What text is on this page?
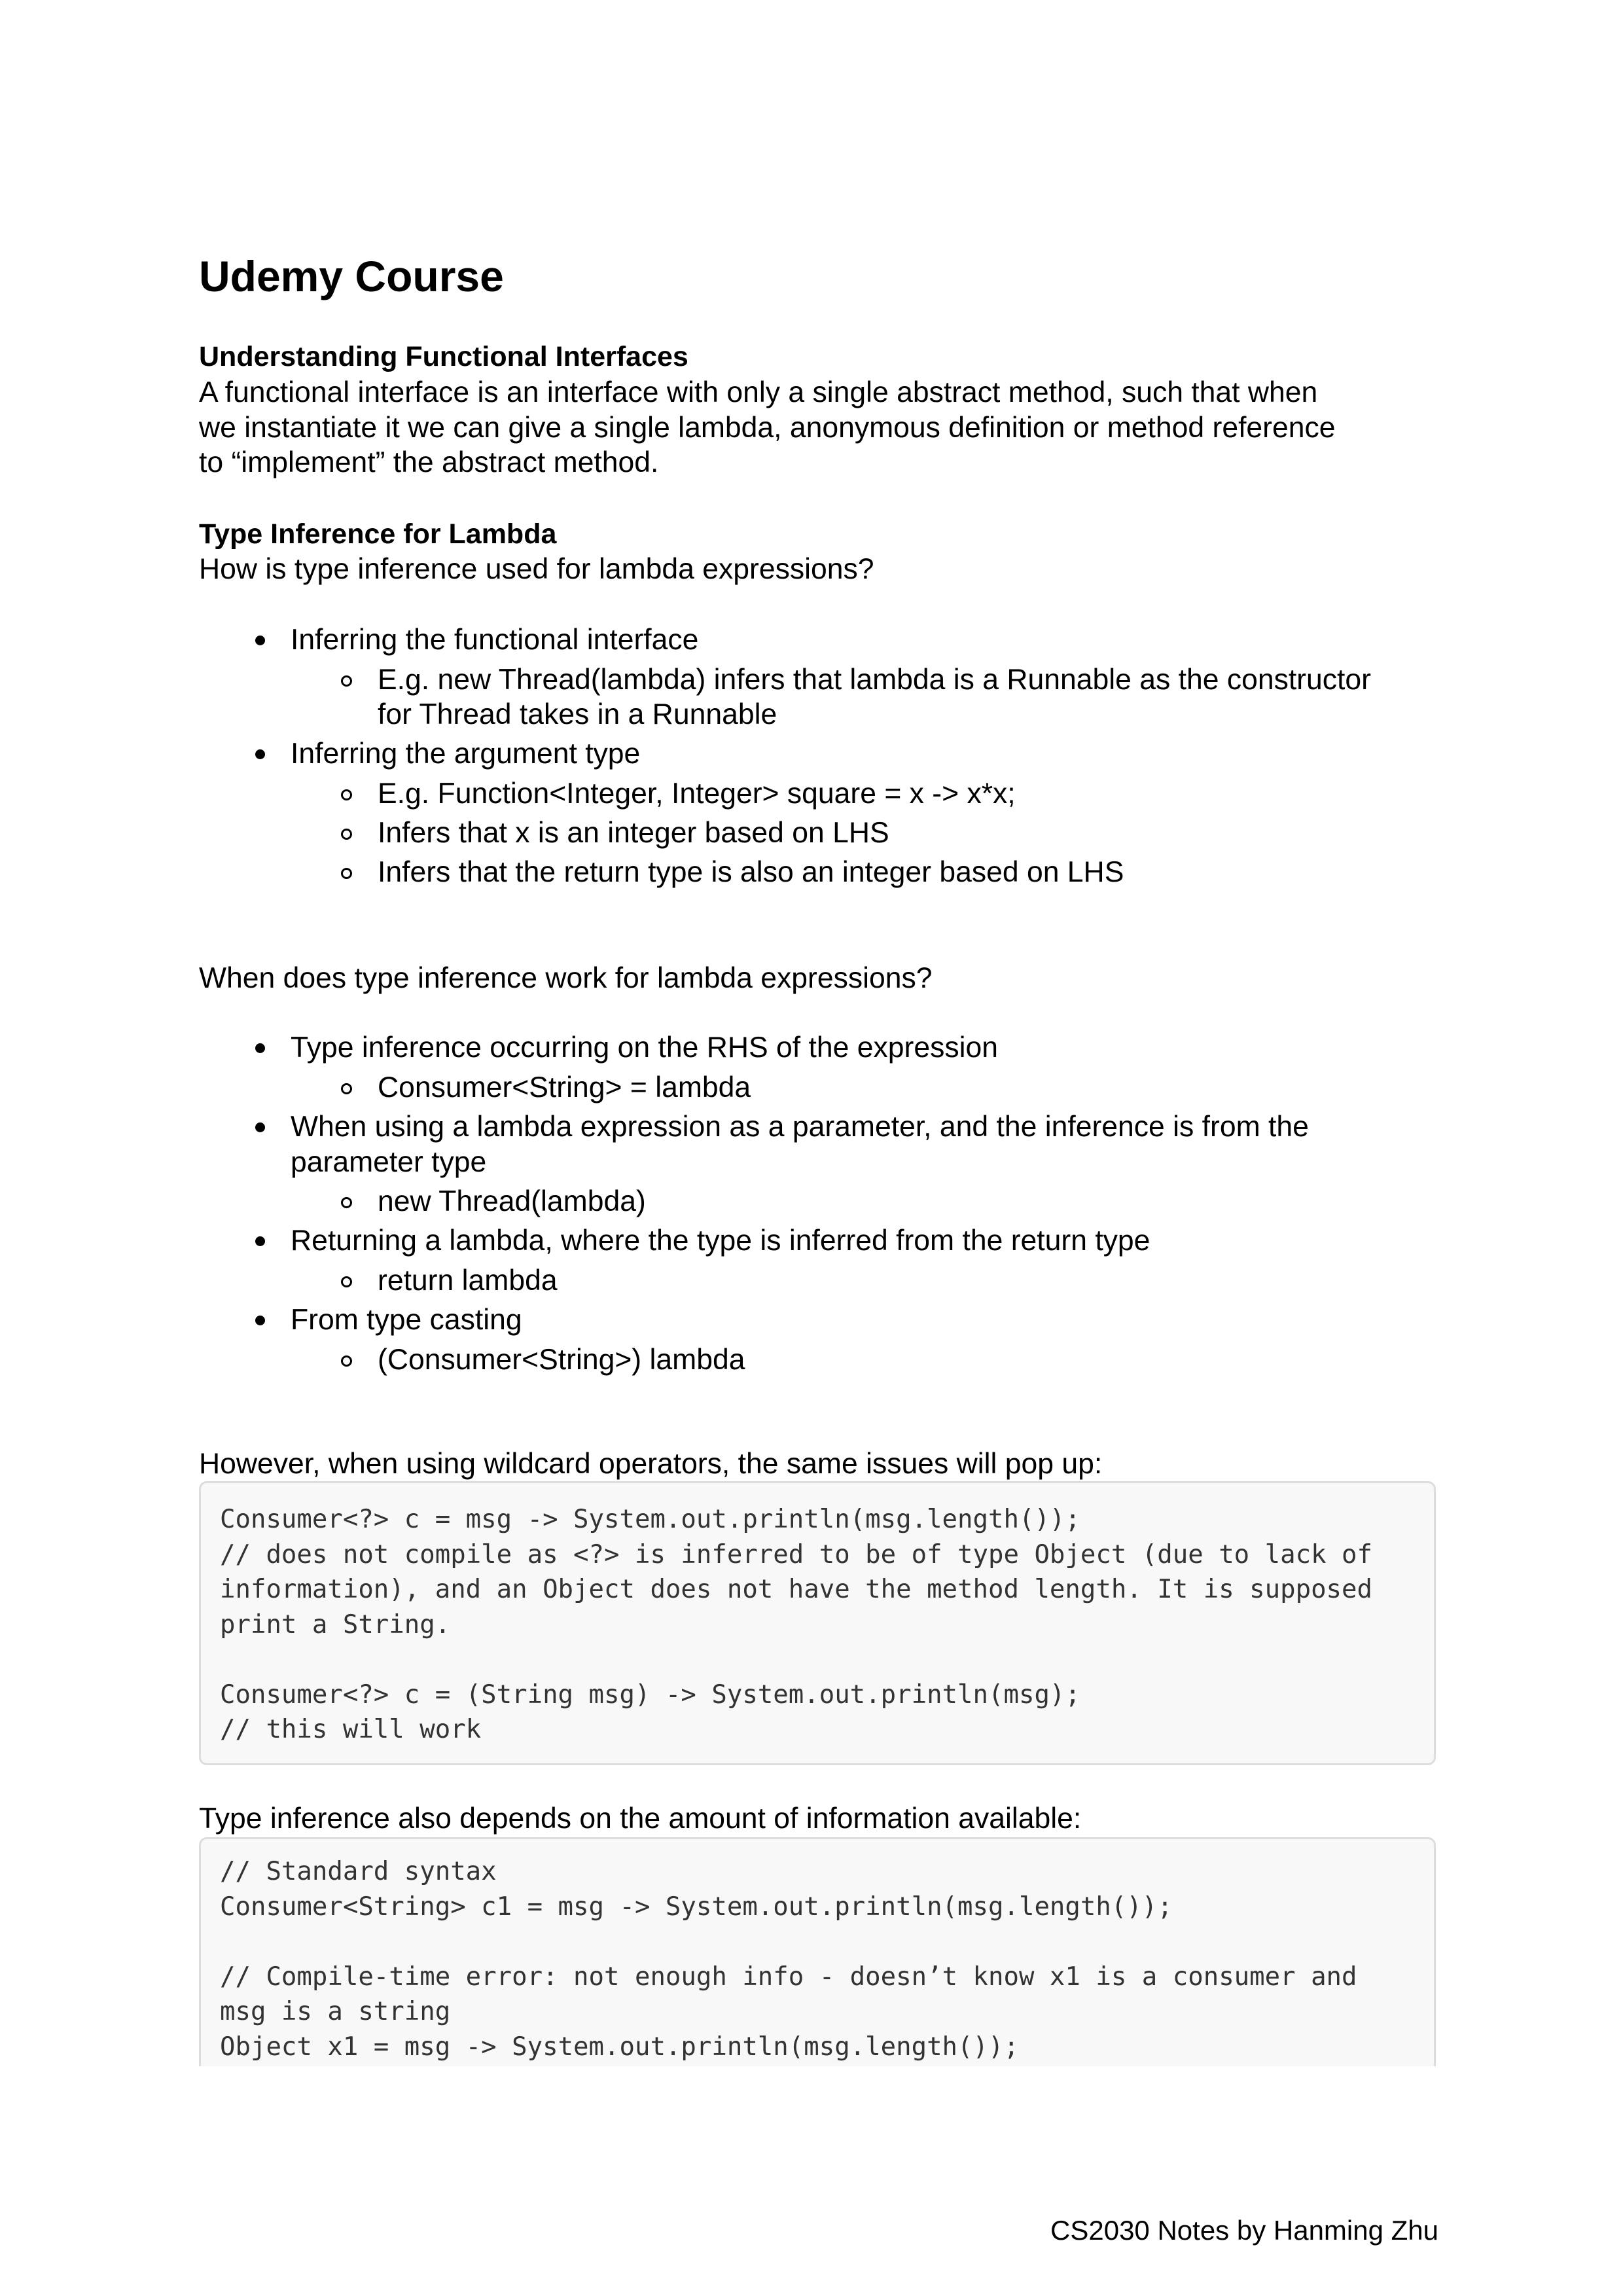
Udemy Course
Understanding Functional Interfaces
A functional interface is an interface with only a single abstract method, such that when
we instantiate it we can give a single lambda, anonymous definition or method reference
to “implement” the abstract method.
Type Inference for Lambda
How is type inference used for lambda expressions?
Inferring the functional interface
E.g. new Thread(lambda) infers that lambda is a Runnable as the constructor
for Thread takes in a Runnable
Inferring the argument type
E.g. Function<Integer, Integer> square = x -> x*x;
Infers that x is an integer based on LHS
Infers that the return type is also an integer based on LHS
When does type inference work for lambda expressions?
Type inference occurring on the RHS of the expression
Consumer<String> = lambda
When using a lambda expression as a parameter, and the inference is from the
parameter type
new Thread(lambda)
Returning a lambda, where the type is inferred from the return type
return lambda
From type casting
(Consumer<String>) lambda
However, when using wildcard operators, the same issues will pop up:
Consumer<?> c = msg -> System.out.println(msg.length());
// does not compile as <?> is inferred to be of type Object (due to lack of
information), and an Object does not have the method length. It is supposed
print a String.
Consumer<?> c = (String msg) -> System.out.println(msg);
// this will work
Type inference also depends on the amount of information available:
// Standard syntax
Consumer<String> c1 = msg -> System.out.println(msg.length());
// Compile-time error: not enough info - doesn’t know x1 is a consumer and
msg is a string
Object x1 = msg -> System.out.println(msg.length());
CS2030 Notes by Hanming Zhu
